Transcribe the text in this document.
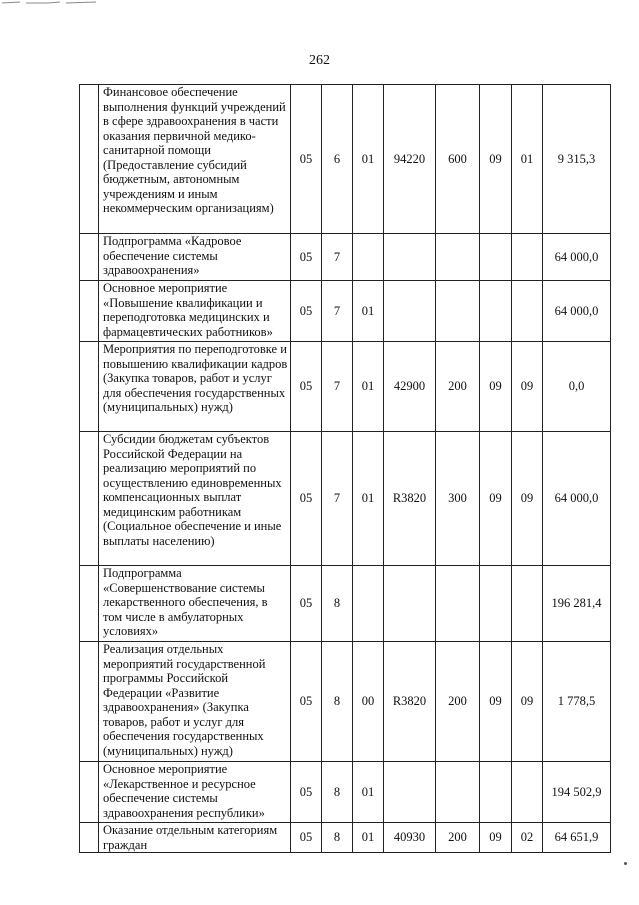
262
	Финансовое обеспечение выполнения функций учреждений в сфере здравоохранения в части оказания первичной медико-санитарной помощи (Предоставление субсидий бюджетным, автономным учреждениям и иным некоммерческим организациям)	05	6	01	94220	600	09	01	9 315,3
	Подпрограмма «Кадровое обеспечение системы здравоохранения»	05	7						64 000,0
	Основное мероприятие «Повышение квалификации и переподготовка медицинских и фармацевтических работников»	05	7	01					64 000,0
	Мероприятия по переподготовке и повышению квалификации кадров (Закупка товаров, работ и услуг для обеспечения государственных (муниципальных) нужд)	05	7	01	42900	200	09	09	0,0
	Субсидии бюджетам субъектов Российской Федерации на реализацию мероприятий по осуществлению единовременных компенсационных выплат медицинским работникам (Социальное обеспечение и иные выплаты населению)	05	7	01	R3820	300	09	09	64 000,0
	Подпрограмма «Совершенствование системы лекарственного обеспечения, в том числе в амбулаторных условиях»	05	8						196 281,4
	Реализация отдельных мероприятий государственной программы Российской Федерации «Развитие здравоохранения» (Закупка товаров, работ и услуг для обеспечения государственных (муниципальных) нужд)	05	8	00	R3820	200	09	09	1 778,5
	Основное мероприятие «Лекарственное и ресурсное обеспечение системы здравоохранения республики»	05	8	01					194 502,9
	Оказание отдельным категориям граждан	05	8	01	40930	200	09	02	64 651,9
